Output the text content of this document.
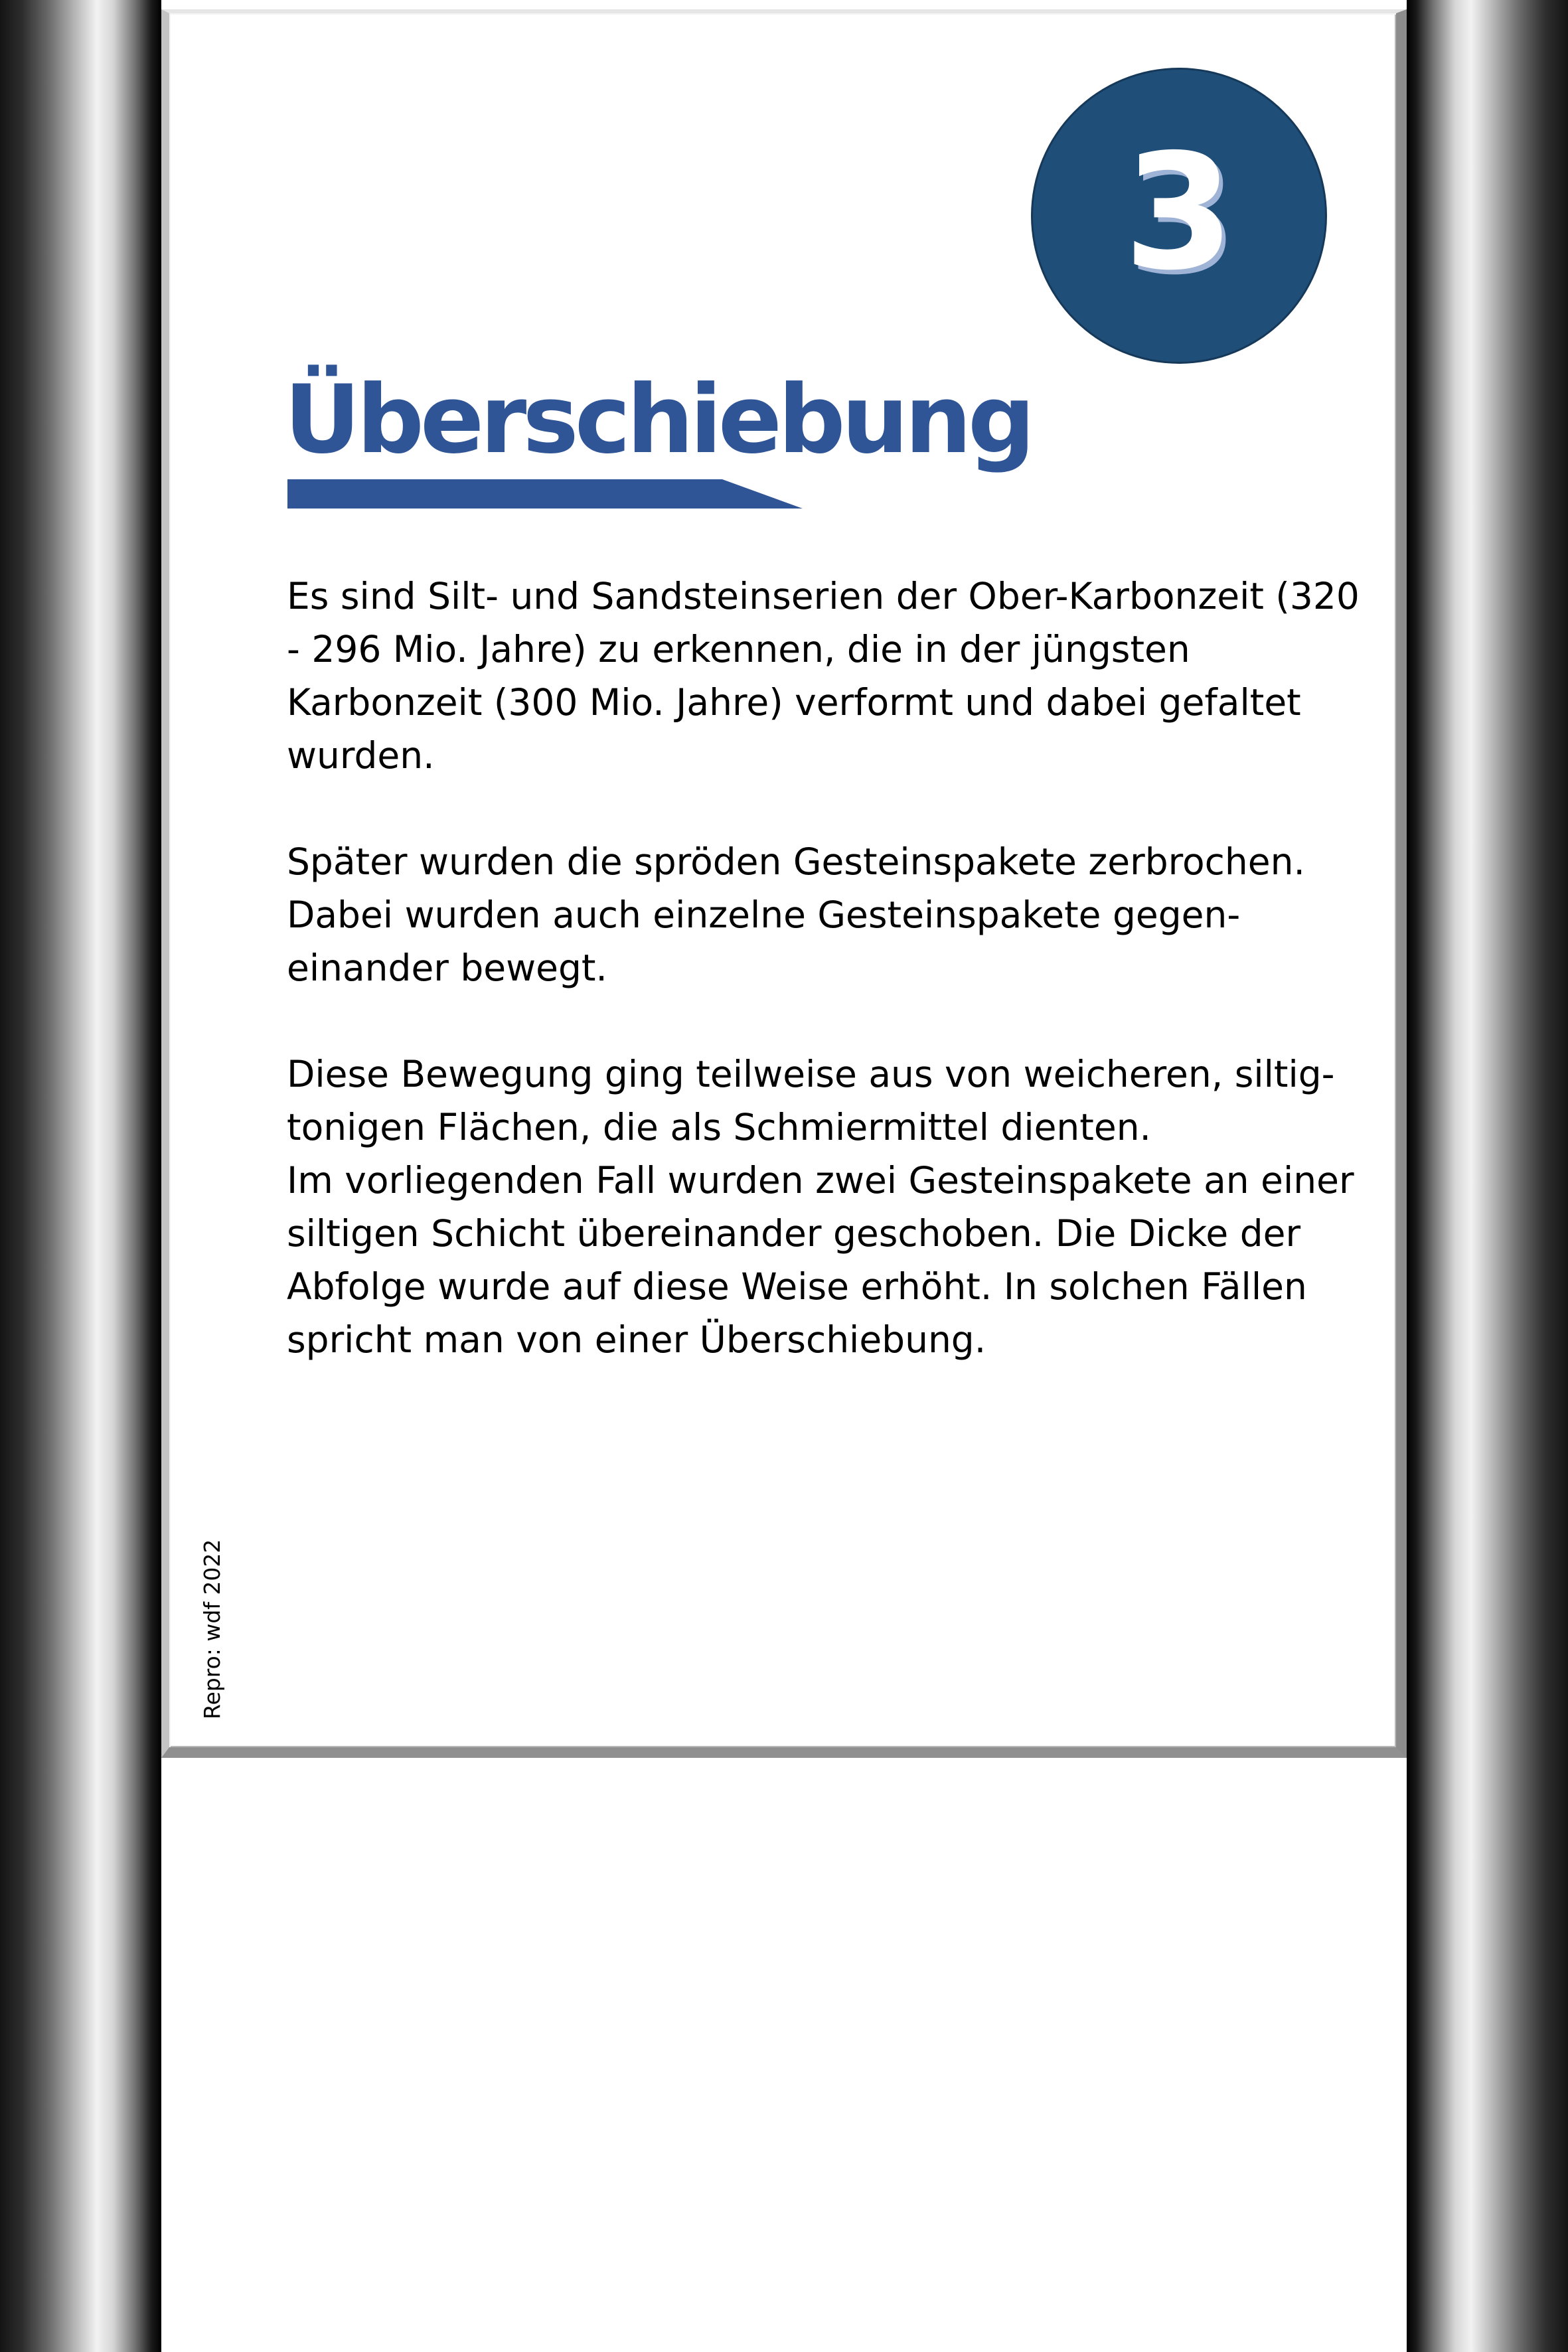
3
Überschiebung
Es sind Silt- und Sandsteinserien der Ober-Karbonzeit (320
- 296 Mio. Jahre) zu erkennen, die in der jüngsten
Karbonzeit (300 Mio. Jahre) verformt und dabei gefaltet
wurden.
Später wurden die spröden Gesteinspakete zerbrochen.
Dabei wurden auch einzelne Gesteinspakete gegen-
einander bewegt.
Diese Bewegung ging teilweise aus von weicheren, siltig-
tonigen Flächen, die als Schmiermittel dienten.
Im vorliegenden Fall wurden zwei Gesteinspakete an einer
siltigen Schicht übereinander geschoben. Die Dicke der
Abfolge wurde auf diese Weise erhöht. In solchen Fällen
spricht man von einer Überschiebung.
Repro: wdf 2022
